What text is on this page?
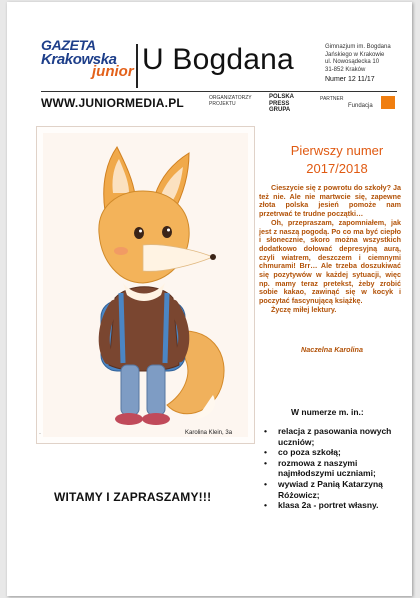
GAZETA
Krakowska
junior U Bogdana	Gimnazjum im. Bogdana
Jańskiego w Krakowie
ul. Nowosądecka 10
31-852 Kraków
Numer 12 11/17
WWW.JUNIORMEDIA.PL	ORGANIZATORZY
PROJEKTU
POLSKA
PRESS
GRUPA
PARTNER
Fundacja
·	Karolina Klein, 3a
Pierwszy numer
2017/2018

Cieszycie się z powrotu do szkoły? Ja też nie. Ale nie martwcie się, zapewne złota polska jesień pomoże nam przetrwać te trudne początki…

Oh, przepraszam, zapomniałem, jak jest z naszą pogodą. Po co ma być ciepło i słonecznie, skoro można wszystkich dodatkowo dołować depresyjną aurą, czyli wiatrem, deszczem i ciemnymi chmurami! Brr… Ale trzeba doszukiwać się pozytywów w każdej sytuacji, więc np. mamy teraz pretekst, żeby zrobić sobie kakao, zawinąć się w kocyk i poczytać fascynującą książkę.

Życzę miłej lektury.

Naczelna Karolina
W numerze m. in.:
• relacja z pasowania nowych uczniów;
• co poza szkołą;
• rozmowa z naszymi najmłodszymi uczniami;
• wywiad z Panią Katarzyną Różowicz;
• klasa 2a - portret własny.
WITAMY I ZAPRASZAMY!!!
